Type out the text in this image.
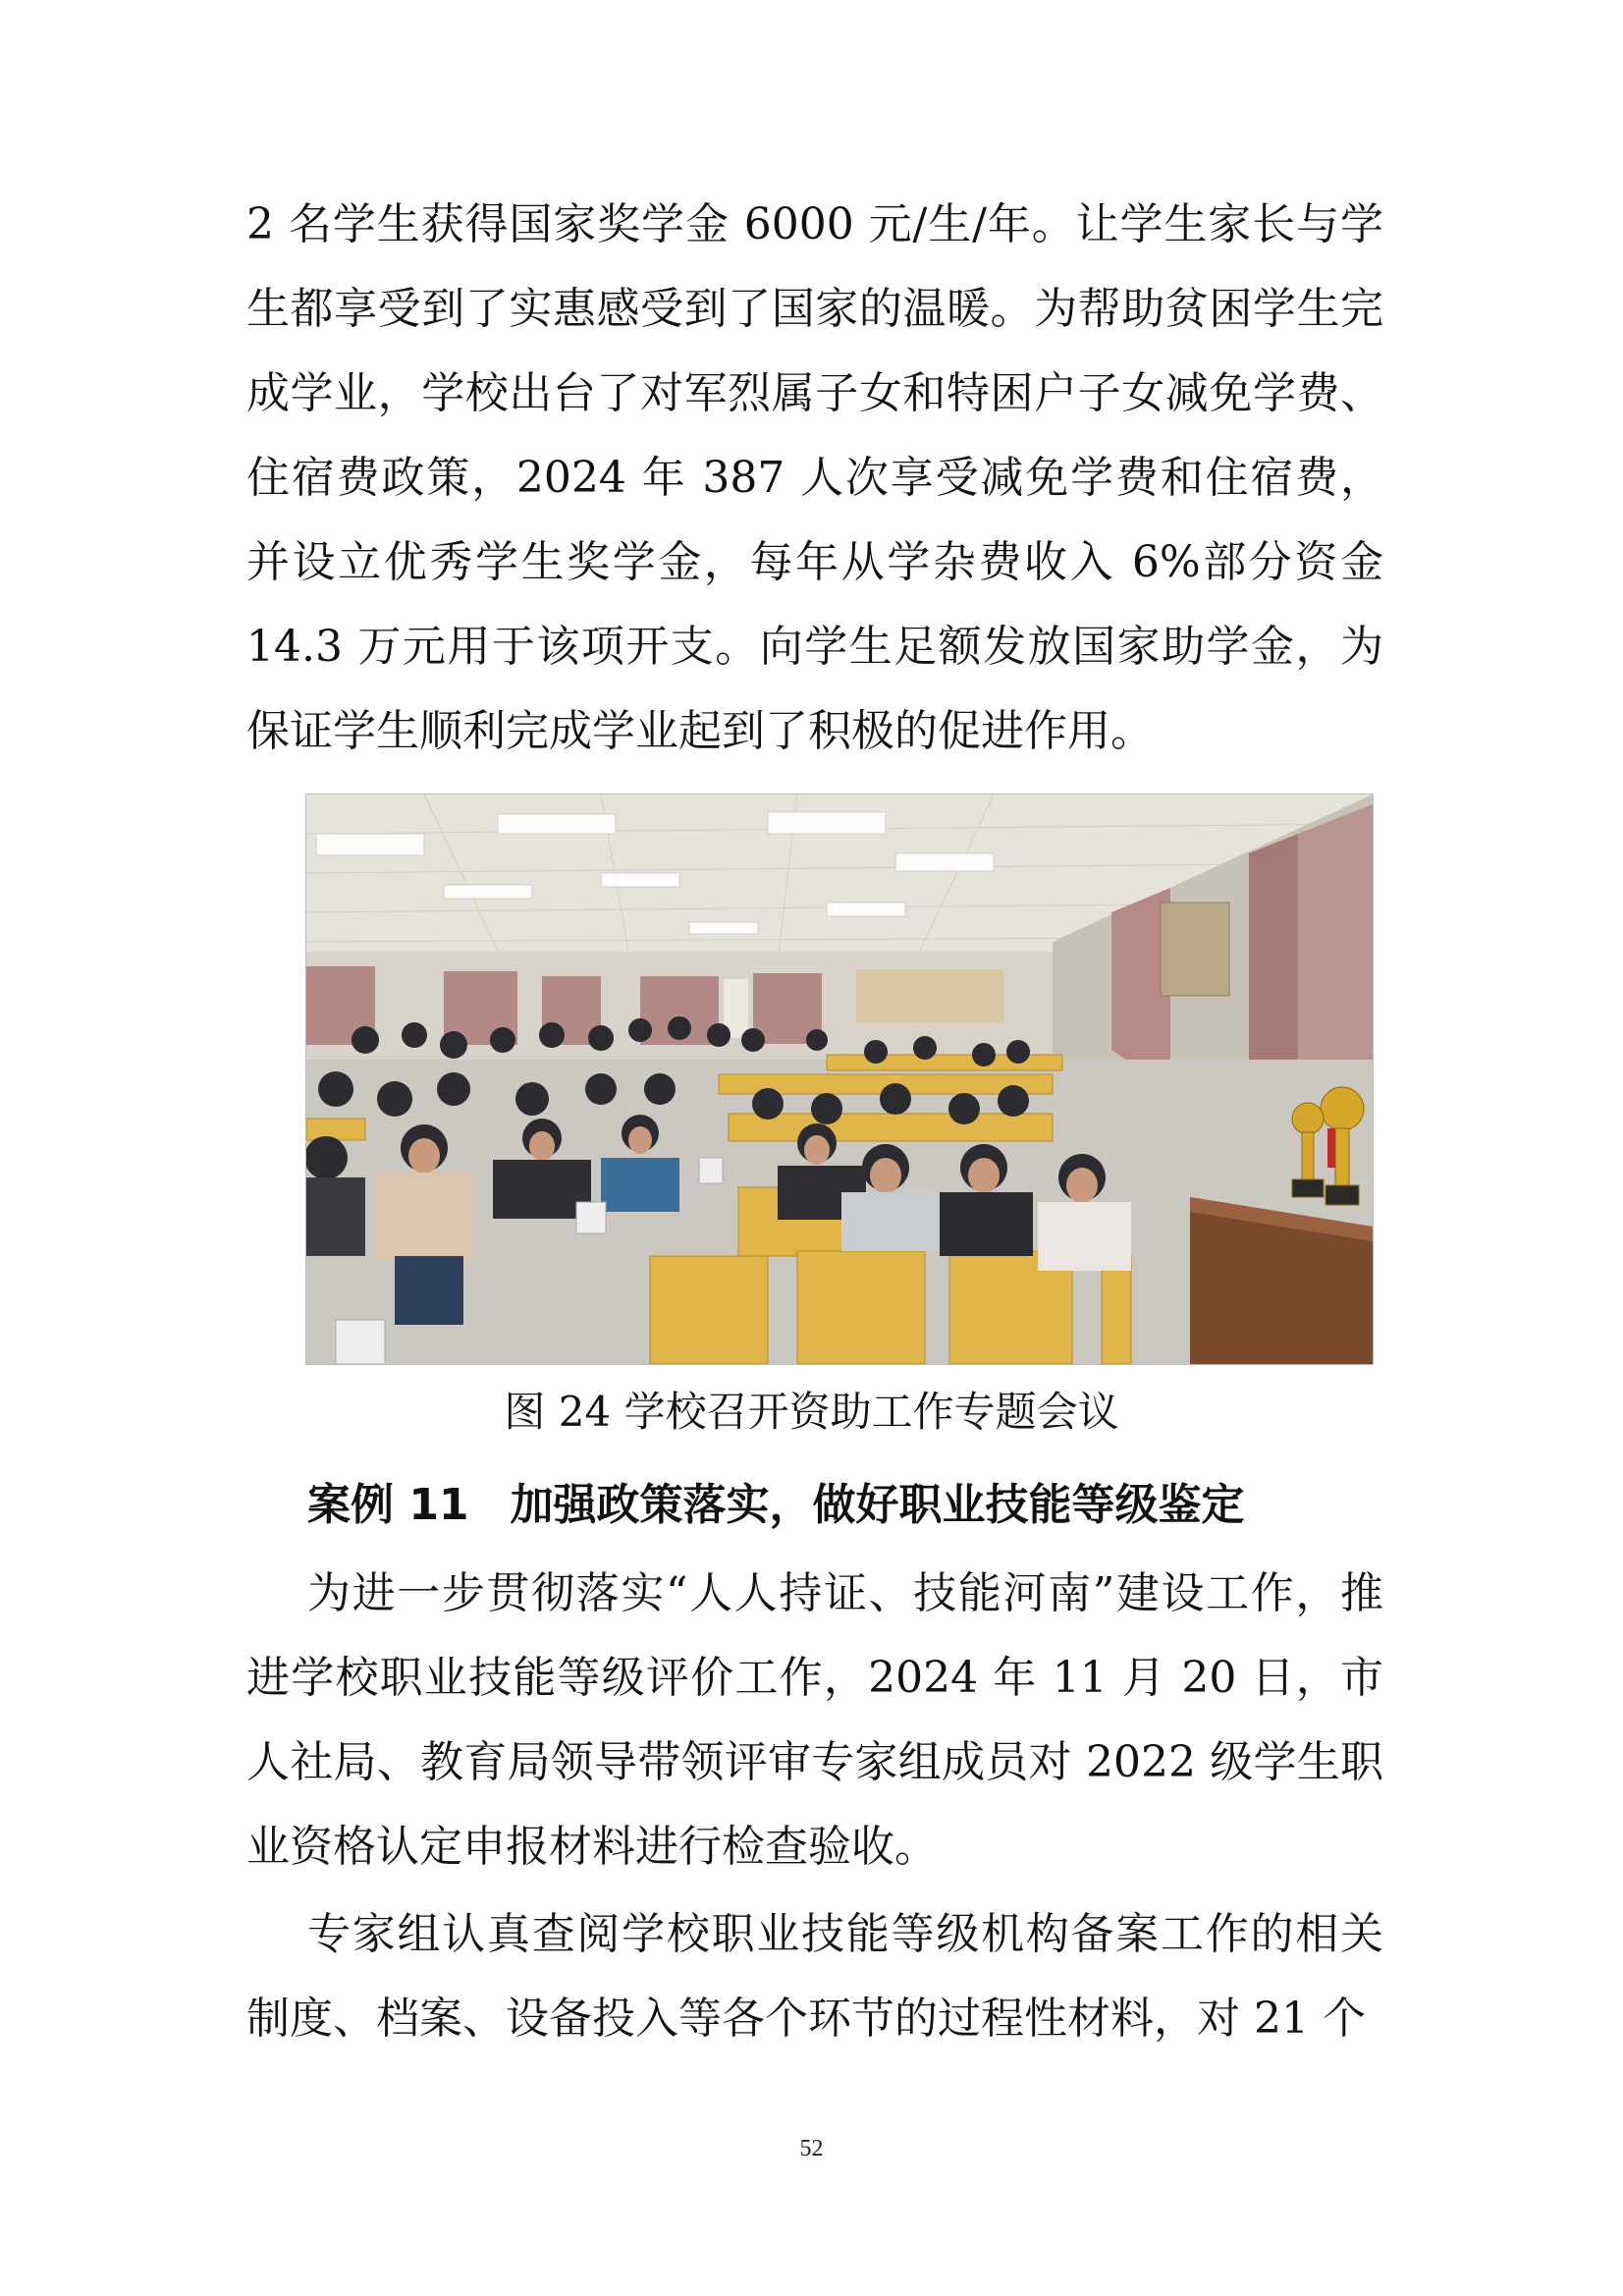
2 名学生获得国家奖学金 6000 元/生/年。让学生家长与学生都享受到了实惠感受到了国家的温暖。为帮助贫困学生完成学业，学校出台了对军烈属子女和特困户子女减免学费、住宿费政策，2024 年 387 人次享受减免学费和住宿费，并设立优秀学生奖学金，每年从学杂费收入 6%部分资金 14.3 万元用于该项开支。向学生足额发放国家助学金，为保证学生顺利完成学业起到了积极的促进作用。

图 24 学校召开资助工作专题会议

案例 11 加强政策落实，做好职业技能等级鉴定

为进一步贯彻落实“人人持证、技能河南”建设工作，推进学校职业技能等级评价工作，2024 年 11 月 20 日，市人社局、教育局领导带领评审专家组成员对 2022 级学生职业资格认定申报材料进行检查验收。

专家组认真查阅学校职业技能等级机构备案工作的相关制度、档案、设备投入等各个环节的过程性材料，对 21 个

52
